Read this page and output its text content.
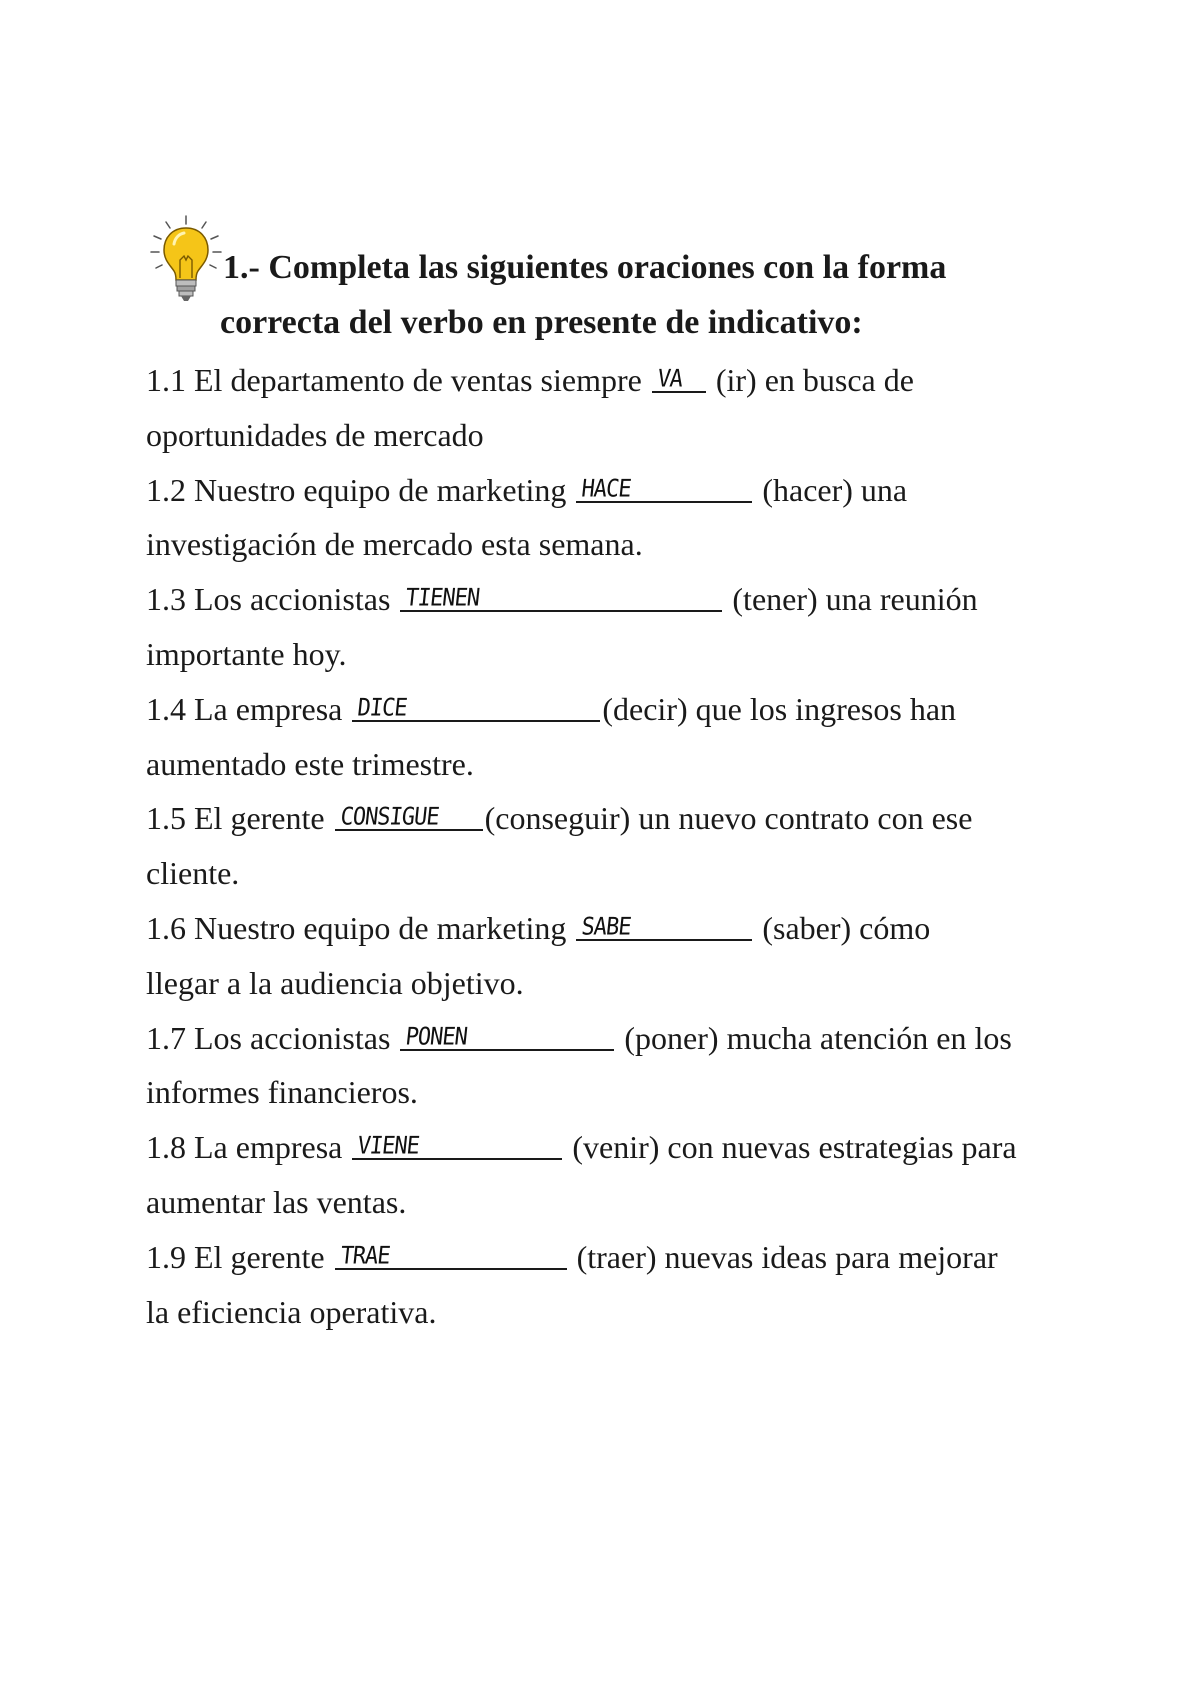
1.- Completa las siguientes oraciones con la forma
correcta del verbo en presente de indicativo:
1.1 El departamento de ventas siempre VA (ir) en busca de
oportunidades de mercado
1.2 Nuestro equipo de marketing HACE	(hacer) una
investigación de mercado esta semana.
1.3 Los accionistas TIENEN	(tener) una reunión
importante hoy.
1.4 La empresa DICE	(decir) que los ingresos han
aumentado este trimestre.
1.5 El gerente CONSIGUE (conseguir) un nuevo contrato con ese
cliente.
1.6 Nuestro equipo de marketing SABE	(saber) cómo
llegar a la audiencia objetivo.
1.7 Los accionistas PONEN	(poner) mucha atención en los
informes financieros.
1.8 La empresa VIENE	(venir) con nuevas estrategias para
aumentar las ventas.
1.9 El gerente TRAE	(traer) nuevas ideas para mejorar
la eficiencia operativa.
